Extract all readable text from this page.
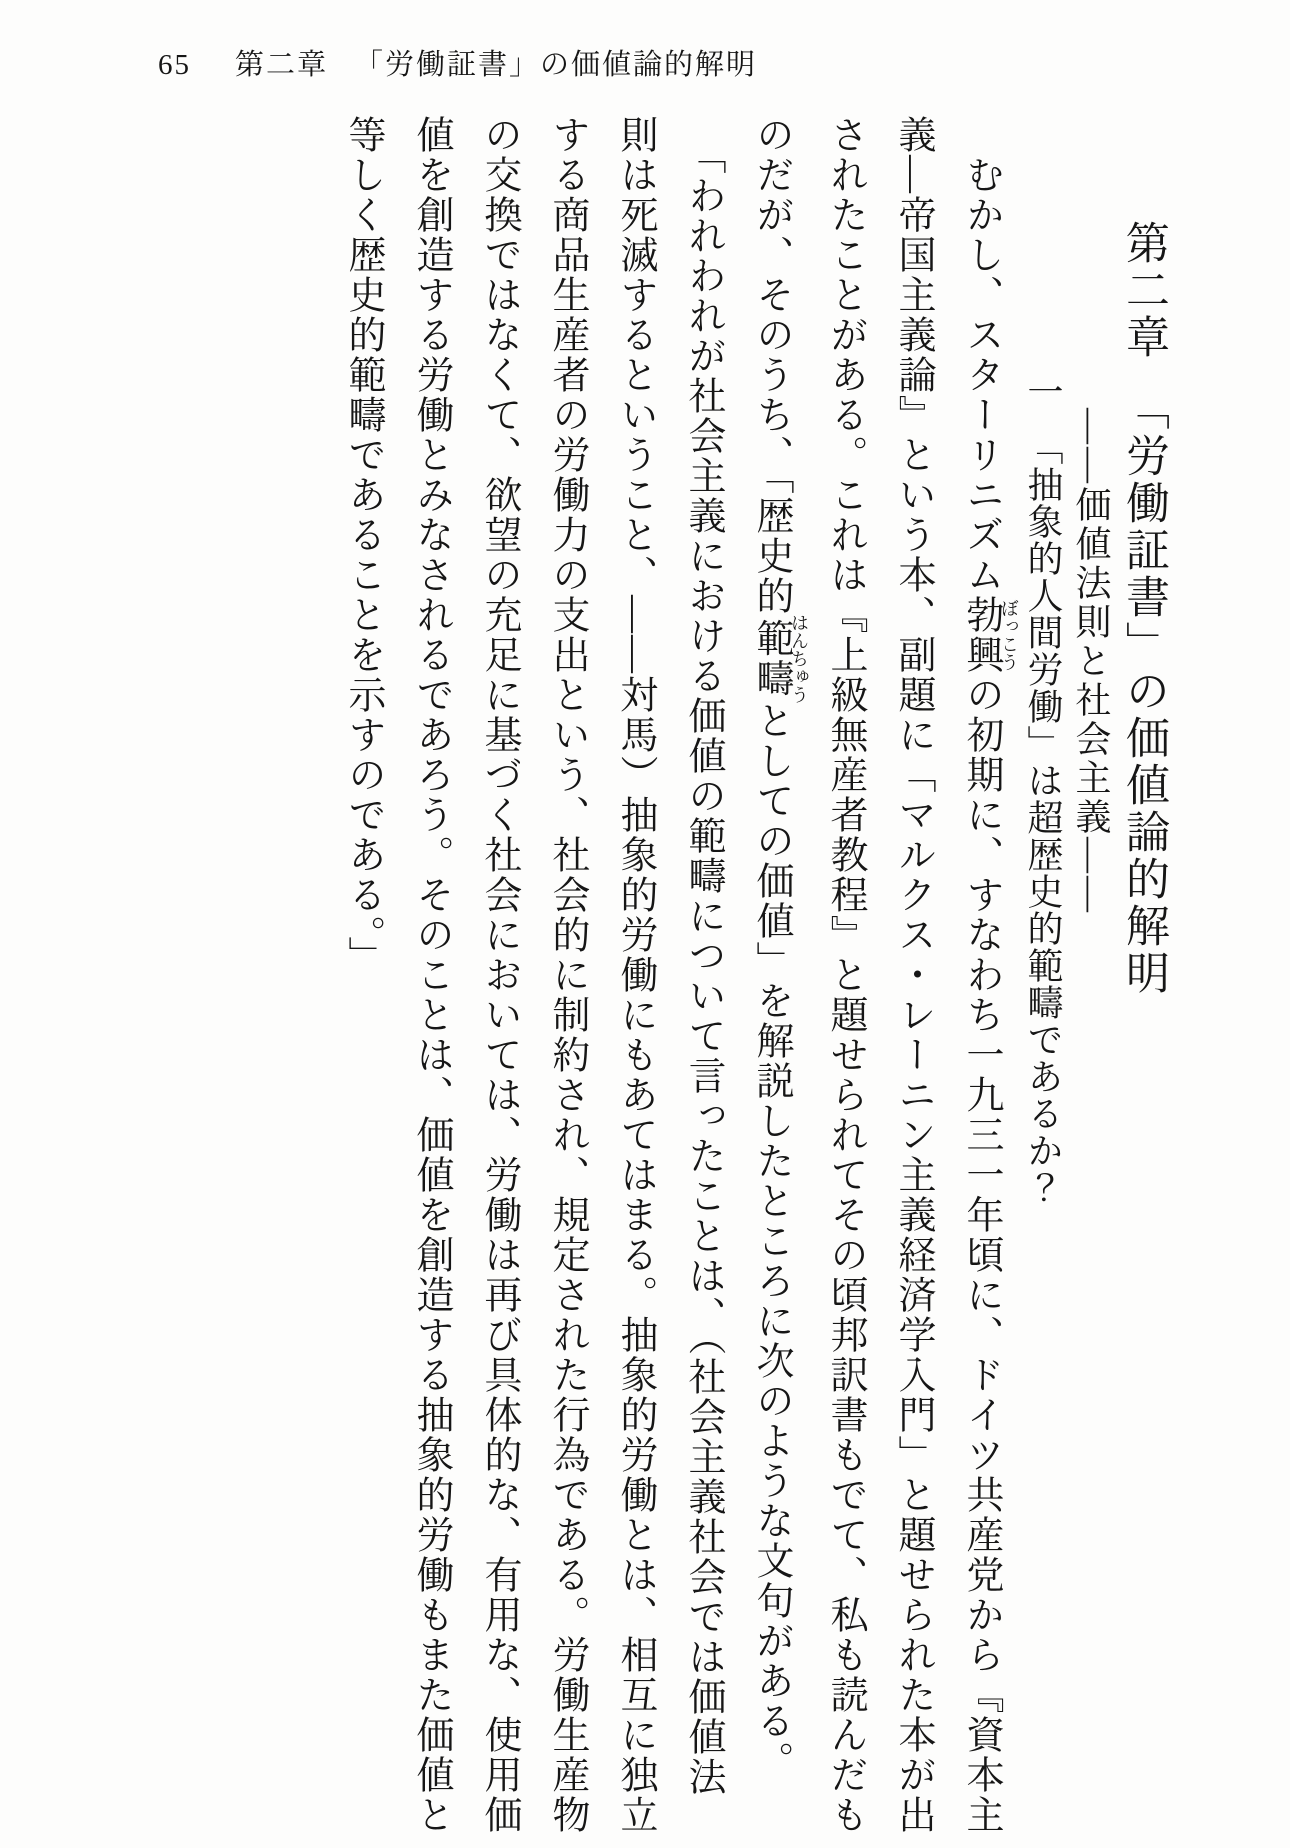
65 第二章 「労働証書」の価値論的解明
第二章　「労働証書」の価値論的解明
――価値法則と社会主義――
一　「抽象的人間労働」は超歴史的範疇であるか？
　むかし、スターリニズム勃興ぼっこうの初期に、すなわち一九三一年頃に、ドイツ共産党から『資本主
義―帝国主義論』という本、副題に「マルクス・レーニン主義経済学入門」と題せられた本が出
されたことがある。これは『上級無産者教程』と題せられてその頃邦訳書もでて、私も読んだも
のだが、そのうち、「歴史的範疇はんちゅうとしての価値」を解説したところに次のような文句がある。
　「われわれが社会主義における価値の範疇について言ったことは、（社会主義社会では価値法
則は死滅するということ、――対馬）抽象的労働にもあてはまる。抽象的労働とは、相互に独立
する商品生産者の労働力の支出という、社会的に制約され、規定された行為である。労働生産物
の交換ではなくて、欲望の充足に基づく社会においては、労働は再び具体的な、有用な、使用価
値を創造する労働とみなされるであろう。そのことは、価値を創造する抽象的労働もまた価値と
等しく歴史的範疇であることを示すのである。」
